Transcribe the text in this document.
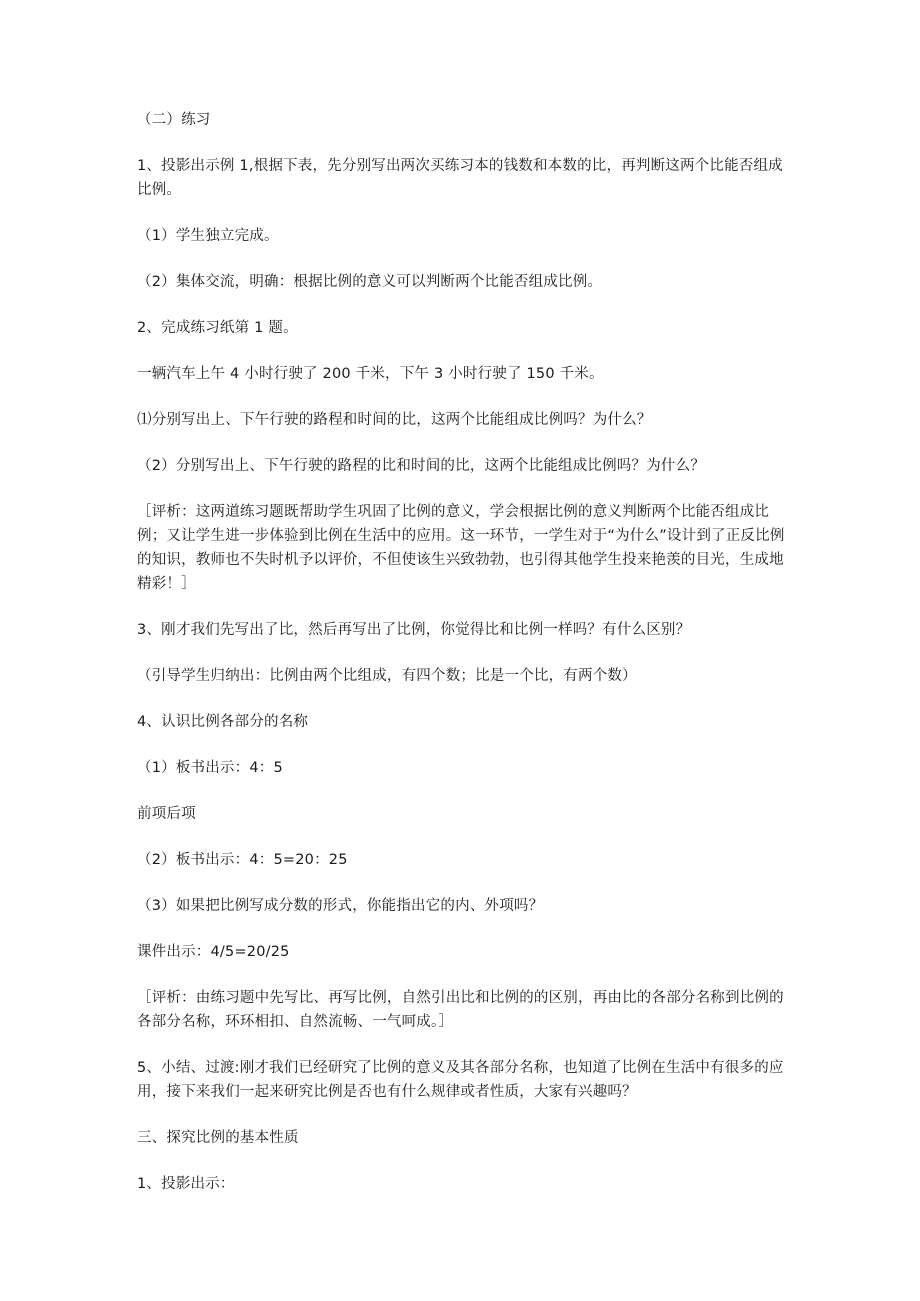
（二）练习

1、投影出示例 1,根据下表，先分别写出两次买练习本的钱数和本数的比，再判断这两个比能否组成比例。

（1）学生独立完成。

（2）集体交流，明确：根据比例的意义可以判断两个比能否组成比例。

2、完成练习纸第 1 题。

一辆汽车上午 4 小时行驶了 200 千米，下午 3 小时行驶了 150 千米。

⑴分别写出上、下午行驶的路程和时间的比，这两个比能组成比例吗？为什么？

（2）分别写出上、下午行驶的路程的比和时间的比，这两个比能组成比例吗？为什么？

［评析：这两道练习题既帮助学生巩固了比例的意义，学会根据比例的意义判断两个比能否组成比例；又让学生进一步体验到比例在生活中的应用。这一环节，一学生对于“为什么”设计到了正反比例的知识，教师也不失时机予以评价，不但使该生兴致勃勃，也引得其他学生投来艳羡的目光，生成地精彩！］

3、刚才我们先写出了比，然后再写出了比例，你觉得比和比例一样吗？有什么区别？

（引导学生归纳出：比例由两个比组成，有四个数；比是一个比，有两个数）

4、认识比例各部分的名称

（1）板书出示：4：5

前项后项

（2）板书出示：4：5=20：25

（3）如果把比例写成分数的形式，你能指出它的内、外项吗？

课件出示：4/5=20/25

［评析：由练习题中先写比、再写比例，自然引出比和比例的的区别，再由比的各部分名称到比例的各部分名称，环环相扣、自然流畅、一气呵成。］

5、小结、过渡:刚才我们已经研究了比例的意义及其各部分名称，也知道了比例在生活中有很多的应用，接下来我们一起来研究比例是否也有什么规律或者性质，大家有兴趣吗？

三、探究比例的基本性质

1、投影出示：
